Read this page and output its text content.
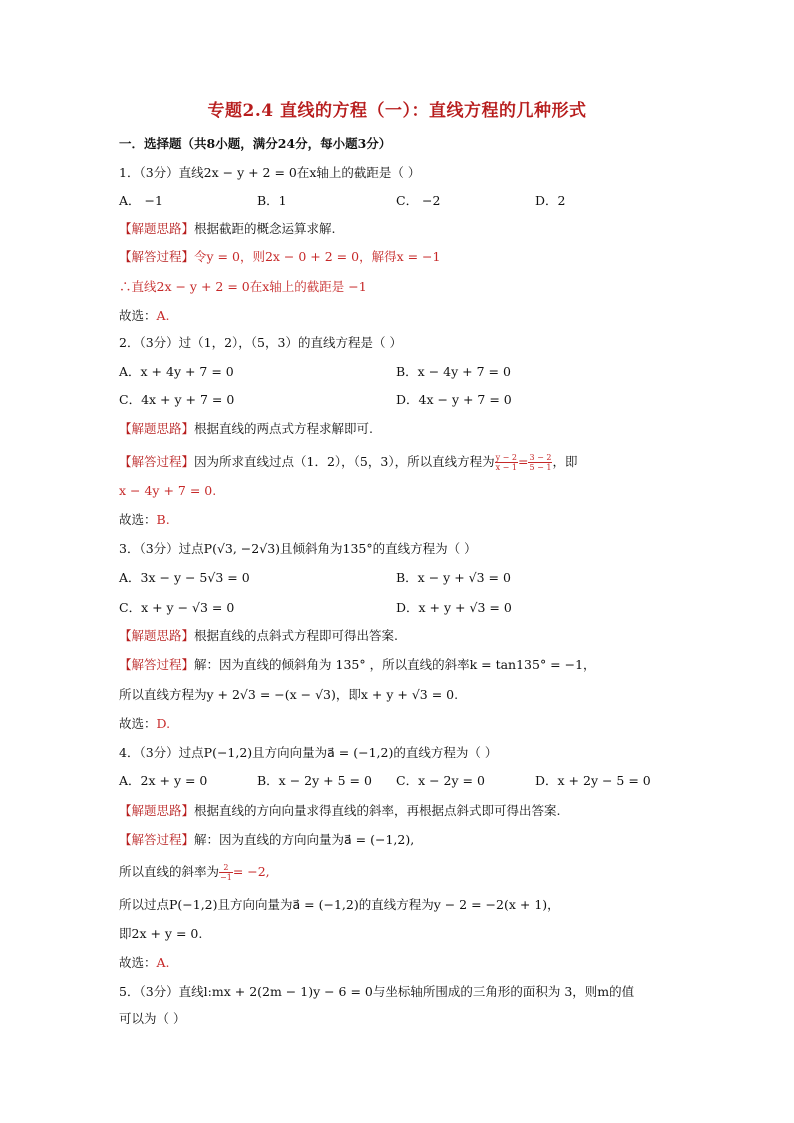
专题2.4 直线的方程（一）：直线方程的几种形式
一．选择题（共8小题，满分24分，每小题3分）
1．（3分）直线2x − y + 2 = 0在x轴上的截距是（ ）
A． −1	B．1	C． −2	D．2
【解题思路】根据截距的概念运算求解.
【解答过程】令y = 0，则2x − 0 + 2 = 0，解得x = −1
∴直线2x − y + 2 = 0在x轴上的截距是 −1
故选：A.
2．（3分）过（1，2），（5，3）的直线方程是（ ）
A．x + 4y + 7 = 0	B．x − 4y + 7 = 0
C．4x + y + 7 = 0	D．4x − y + 7 = 0
【解题思路】根据直线的两点式方程求解即可.
【解答过程】因为所求直线过点（1．2），（5，3），所以直线方程为 $\frac{y - 2}{x - 1} = \frac{3 - 2}{5 - 1}$ ，即
x − 4y + 7 = 0.
故选：B.
3．（3分）过点P(√3, −2√3)且倾斜角为135°的直线方程为（ ）
A．3x − y − 5√3 = 0	B．x − y + √3 = 0
C．x + y − √3 = 0	D．x + y + √3 = 0
【解题思路】根据直线的点斜式方程即可得出答案.
【解答过程】解：因为直线的倾斜角为 135° ，所以直线的斜率k = tan135° = −1，
所以直线方程为y + 2√3 = −(x − √3)，即x + y + √3 = 0.
故选：D.
4．（3分）过点P(−1,2)且方向向量为a⃗ = (−1,2)的直线方程为（ ）
A．2x + y = 0	B．x − 2y + 5 = 0 C．x − 2y = 0	D．x + 2y − 5 = 0
【解题思路】根据直线的方向向量求得直线的斜率，再根据点斜式即可得出答案.
【解答过程】解：因为直线的方向向量为a⃗ = (−1,2),
所以直线的斜率为 $\frac{2}{-1} = -2$,
所以过点P(−1,2)且方向向量为a⃗ = (−1,2)的直线方程为y − 2 = −2(x + 1)，
即2x + y = 0.
故选：A.
5．（3分）直线l:mx + 2(2m − 1)y − 6 = 0与坐标轴所围成的三角形的面积为 3，则m的值
可以为（ ）
